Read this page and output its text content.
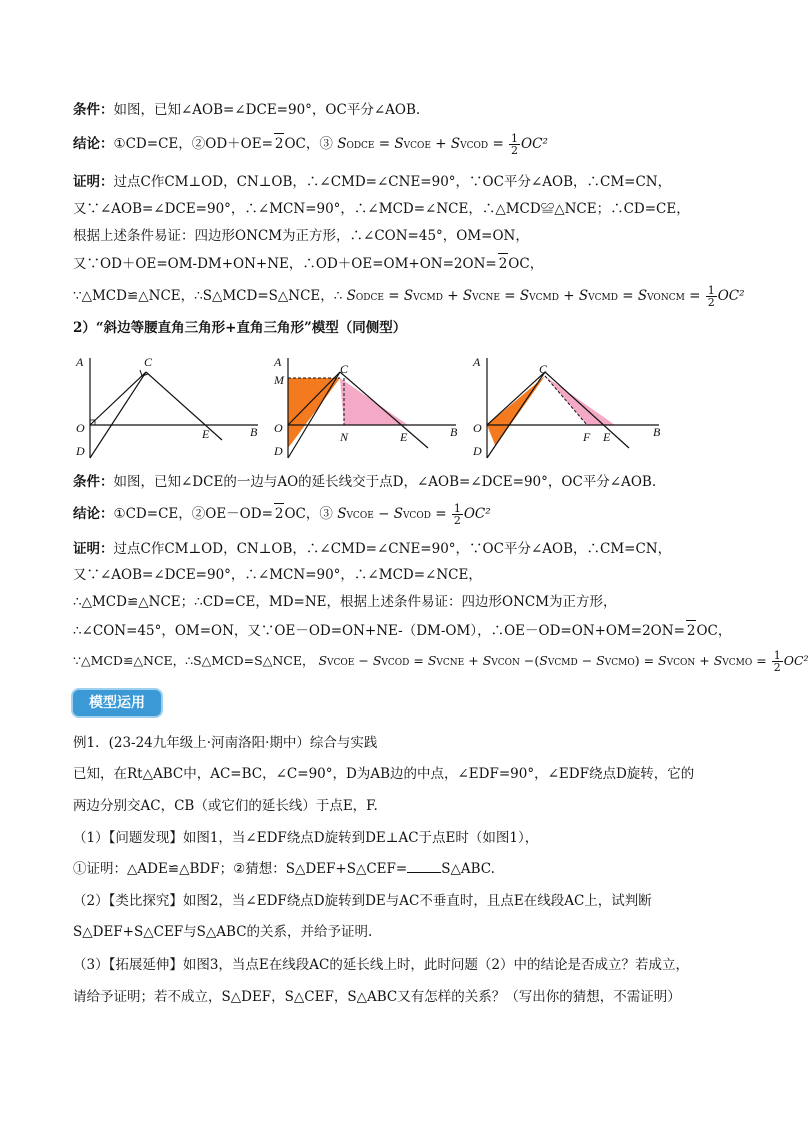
条件：如图，已知∠AOB=∠DCE=90°，OC平分∠AOB.
结论：①CD=CE，②OD＋OE= 2OC，③ SODCE = SVCOE + SVCOD = $\frac{1}{2} OC^2$
证明：过点C作CM⊥OD，CN⊥OB，∴∠CMD=∠CNE=90°，∵OC平分∠AOB，∴CM=CN，
又∵∠AOB=∠DCE=90°，∴∠MCN=90°，∴∠MCD=∠NCE，∴△MCD≌△NCE；∴CD=CE，
根据上述条件易证：四边形ONCM为正方形，∴∠CON=45°，OM=ON，
又∵OD＋OE=OM-DM+ON+NE，∴OD＋OE=OM+ON=2ON= 2OC，
∵△MCD≌△NCE，∴S△MCD=S△NCE，∴ SODCE = SVCMD + SVCNE = SVCMD + SVCMD = SVONCM = $\frac{1}{2} OC^2$
2）“斜边等腰直角三角形+直角三角形”模型（同侧型）
A	C
O	B
E
D
A
M
C
O
N	E	B
D
A	C
O
F E	B
D
条件：如图，已知∠DCE的一边与AO的延长线交于点D，∠AOB=∠DCE=90°，OC平分∠AOB.
结论：①CD=CE，②OE－OD= 2OC，③ SVCOE − SVCOD = $\frac{1}{2} OC^2$
证明：过点C作CM⊥OD，CN⊥OB，∴∠CMD=∠CNE=90°，∵OC平分∠AOB，∴CM=CN，
又∵∠AOB=∠DCE=90°，∴∠MCN=90°，∴∠MCD=∠NCE，
∴△MCD≌△NCE；∴CD=CE，MD=NE，根据上述条件易证：四边形ONCM为正方形，
∴∠CON=45°，OM=ON，又∵OE－OD=ON+NE-（DM-OM），∴OE－OD=ON+OM=2ON= 2OC，
∵△MCD≌△NCE，∴S△MCD=S△NCE， SVCOE − SVCOD = SVCNE + SVCON −(SVCMD − SVCMO) = SVCON + SVCMO = $\frac{1}{2} OC^2$
模型运用
例1．(23-24九年级上·河南洛阳·期中）综合与实践
已知，在Rt△ABC中，AC=BC，∠C=90°，D为AB边的中点，∠EDF=90°，∠EDF绕点D旋转，它的
两边分别交AC，CB（或它们的延长线）于点E，F.
（1）【问题发现】如图1，当∠EDF绕点D旋转到DE⊥AC于点E时（如图1），
①证明：△ADE≌△BDF；②猜想：S△DEF+S△CEF=	S△ABC.
（2）【类比探究】如图2，当∠EDF绕点D旋转到DE与AC不垂直时，且点E在线段AC上，试判断
S△DEF+S△CEF与S△ABC的关系，并给予证明.
（3）【拓展延伸】如图3，当点E在线段AC的延长线上时，此时问题（2）中的结论是否成立？若成立，
请给予证明；若不成立，S△DEF，S△CEF，S△ABC又有怎样的关系？（写出你的猜想，不需证明）
